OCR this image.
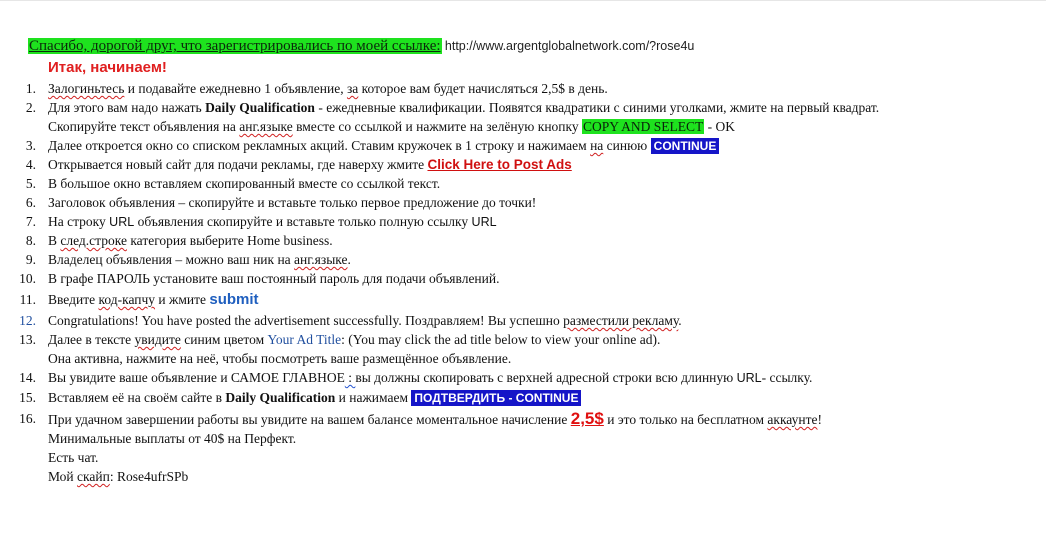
Спасибо, дорогой друг, что зарегистрировались по моей ссылке: http://www.argentglobalnetwork.com/?rose4u
Итак, начинаем!
1. Залогиньтесь и подавайте ежедневно 1 объявление, за которое вам будет начисляться 2,5$ в день.
2. Для этого вам надо нажать Daily Qualification - ежедневные квалификации. Появятся квадратики с синими уголками, жмите на первый квадрат.
Скопируйте текст объявления на анг.языке вместе со ссылкой и нажмите на зелёную кнопку COPY AND SELECT - OK
3. Далее откроется окно со списком рекламных акций. Ставим кружочек в 1 строку и нажимаем на синюю CONTINUE
4. Открывается новый сайт для подачи рекламы, где наверху жмите Click Here to Post Ads
5. В большое окно вставляем скопированный вместе со ссылкой текст.
6. Заголовок объявления – скопируйте и вставьте только первое предложение до точки!
7. На строку URL объявления скопируйте и вставьте только полную ссылку URL
8. В след.строке категория выберите Home business.
9. Владелец объявления – можно ваш ник на анг.языке.
10. В графе ПАРОЛЬ установите ваш постоянный пароль для подачи объявлений.
11. Введите код-капчу и жмите submit
12. Congratulations! You have posted the advertisement successfully. Поздравляем! Вы успешно разместили рекламу.
13. Далее в тексте увидите синим цветом Your Ad Title: (You may click the ad title below to view your online ad).
Она активна, нажмите на неё, чтобы посмотреть ваше размещённое объявление.
14. Вы увидите ваше объявление и САМОЕ ГЛАВНОЕ : вы должны скопировать с верхней адресной строки всю длинную URL- ссылку.
15. Вставляем её на своём сайте в Daily Qualification и нажимаем ПОДТВЕРДИТЬ - CONTINUE
16. При удачном завершении работы вы увидите на вашем балансе моментальное начисление 2,5$ и это только на бесплатном аккаунте!
Минимальные выплаты от 40$ на Перфект.
Есть чат.
Мой скайп: Rose4ufrSPb
